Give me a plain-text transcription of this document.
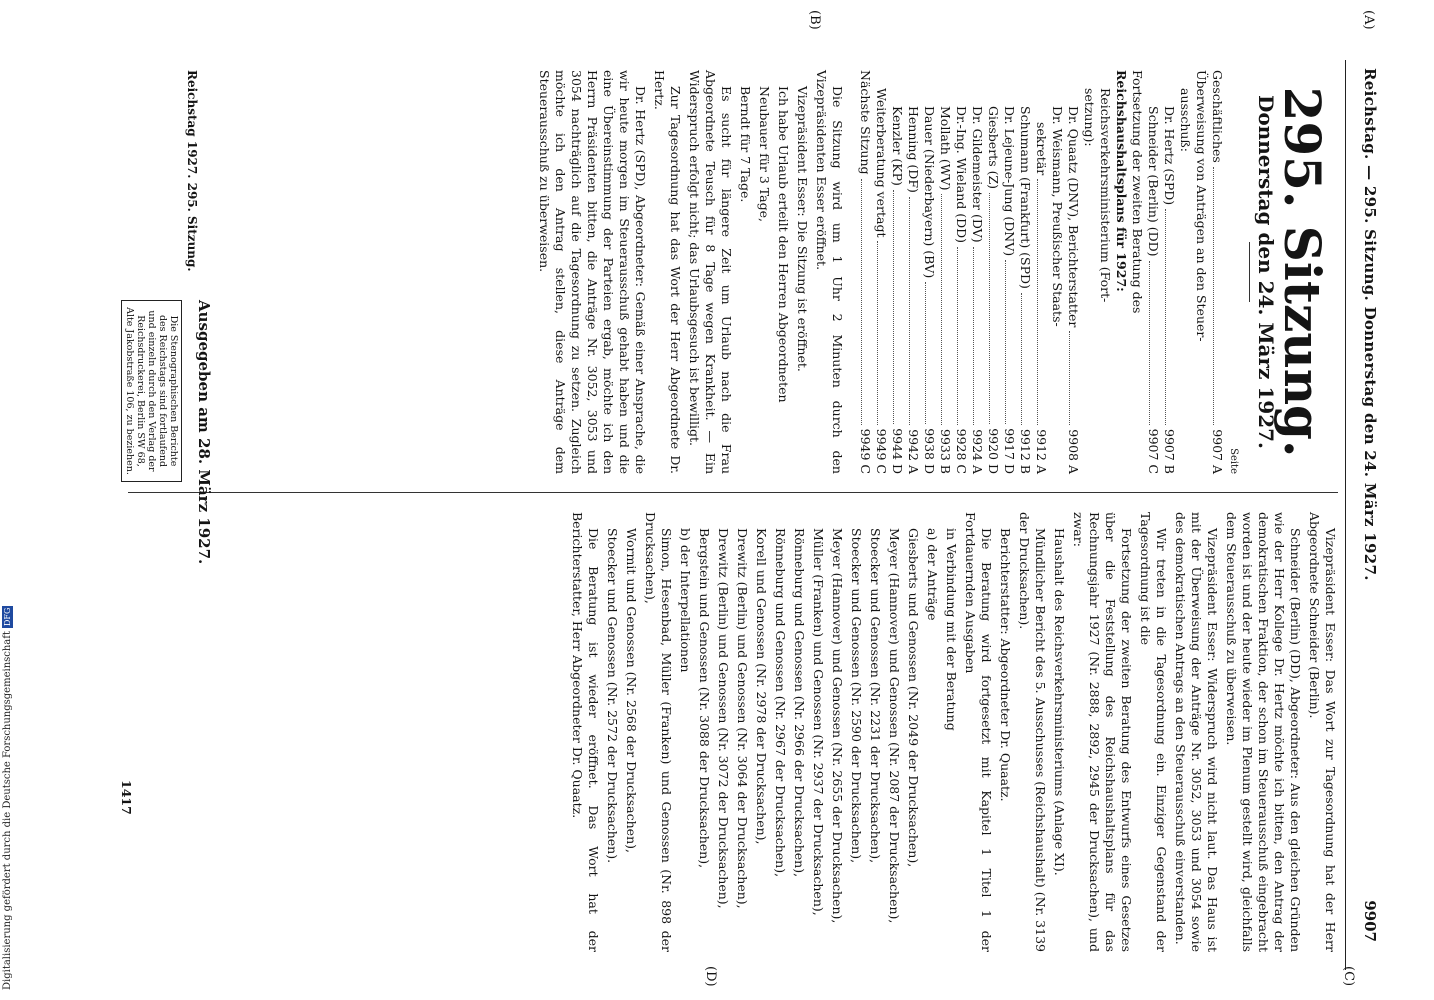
Reichstag. — 295. Sitzung. Donnerstag den 24. März 1927.
9907
(A)
(B)
(C)
(D)
295. Sitzung.
Donnerstag den 24. März 1927.
Seite
Geschäftliches
9907 A
Überweisung von Anträgen an den Steuer-
ausschuß:
Dr. Hertz (SPD)
9907 B
Schneider (Berlin) (DD)
9907 C
Fortsetzung der zweiten Beratung des
Reichshaushaltsplans für 1927:
Reichsverkehrsministerium (Fort-
setzung):
Dr. Quaatz (DNV), Berichterstatter
9908 A
Dr. Weismann, Preußischer Staats-
sekretär
9912 A
Schumann (Frankfurt) (SPD)
9912 B
Dr. Lejeune-Jung (DNV)
9917 D
Giesberts (Z)
9920 D
Dr. Gildemeister (DV)
9924 A
Dr.-Ing. Wieland (DD)
9928 C
Mollath (WV)
9933 B
Dauer (Niederbayern) (BV)
9938 D
Henning (DF)
9942 A
Kenzler (KP)
9944 D
Weiterberatung vertagt
9949 C
Nächste Sitzung
9949 C

Die Sitzung wird um 1 Uhr 2 Minuten durch den Vizepräsidenten Esser eröffnet.

Vizepräsident Esser: Die Sitzung ist eröffnet.

Ich habe Urlaub erteilt den Herren Abgeordneten

Neubauer für 3 Tage,

Berndt für 7 Tage.

Es sucht für längere Zeit um Urlaub nach die Frau Abgeordnete Teusch für 8 Tage wegen Krankheit. — Ein Widerspruch erfolgt nicht; das Urlaubsgesuch ist bewilligt.

Zur Tagesordnung hat das Wort der Herr Abgeordnete Dr. Hertz.

Dr. Hertz (SPD), Abgeordneter: Gemäß einer Ansprache, die wir heute morgen im Steuerausschuß gehabt haben und die eine Übereinstimmung der Parteien ergab, möchte ich den Herrn Präsidenten bitten, die Anträge Nr. 3052, 3053 und 3054 nachträglich auf die Tagesordnung zu setzen. Zugleich möchte ich den Antrag stellen, diese Anträge dem Steuerausschuß zu überweisen.

Reichstag 1927. 295. Sitzung.
Ausgegeben am 28. März 1927.
Die Stenographischen Berichte des Reichstags sind fortlaufend und einzeln durch den Verlag der Reichsdruckerei, Berlin SW 68, Alte Jakobstraße 106, zu beziehen.

Vizepräsident Esser: Das Wort zur Tagesordnung hat der Herr Abgeordnete Schneider (Berlin).

Schneider (Berlin) (DD), Abgeordneter: Aus den gleichen Gründen wie der Herr Kollege Dr. Hertz möchte ich bitten, den Antrag der demokratischen Fraktion, der schon im Steuerausschuß eingebracht worden ist und der heute wieder im Plenum gestellt wird, gleichfalls dem Steuerausschuß zu überweisen.

Vizepräsident Esser: Widerspruch wird nicht laut. Das Haus ist mit der Überweisung der Anträge Nr. 3052, 3053 und 3054 sowie des demokratischen Antrags an den Steuerausschuß einverstanden.

Wir treten in die Tagesordnung ein. Einziger Gegenstand der Tagesordnung ist die

Fortsetzung der zweiten Beratung des Entwurfs eines Gesetzes über die Feststellung des Reichshaushaltsplans für das Rechnungsjahr 1927 (Nr. 2888, 2892, 2945 der Drucksachen), und zwar:

Haushalt des Reichsverkehrsministeriums (Anlage XI).

Mündlicher Bericht des 5. Ausschusses (Reichshaushalt) (Nr. 3139 der Drucksachen).

Berichterstatter: Abgeordneter Dr. Quaatz.

Die Beratung wird fortgesetzt mit Kapitel 1 Titel 1 der Fortdauernden Ausgaben

in Verbindung mit der Beratung

a) der Anträge

Giesberts und Genossen (Nr. 2049 der Drucksachen),

Meyer (Hannover) und Genossen (Nr. 2087 der Drucksachen),

Stoecker und Genossen (Nr. 2231 der Drucksachen),

Stoecker und Genossen (Nr. 2590 der Drucksachen),

Meyer (Hannover) und Genossen (Nr. 2655 der Drucksachen),

Müller (Franken) und Genossen (Nr. 2937 der Drucksachen),

Rönneburg und Genossen (Nr. 2966 der Drucksachen),

Rönneburg und Genossen (Nr. 2967 der Drucksachen),

Korell und Genossen (Nr. 2978 der Drucksachen),

Drewitz (Berlin) und Genossen (Nr. 3064 der Drucksachen),

Drewitz (Berlin) und Genossen (Nr. 3072 der Drucksachen),

Bergstein und Genossen (Nr. 3088 der Drucksachen),

b) der Interpellationen

Simon, Hesenbad, Müller (Franken) und Genossen (Nr. 898 der Drucksachen),

Wormit und Genossen (Nr. 2568 der Drucksachen),

Stoecker und Genossen (Nr. 2572 der Drucksachen).

Die Beratung ist wieder eröffnet. Das Wort hat der Berichterstatter, Herr Abgeordneter Dr. Quaatz.

1417
Digitalisierung gefördert durch die Deutsche ForschungsgemeinschaftDFG
